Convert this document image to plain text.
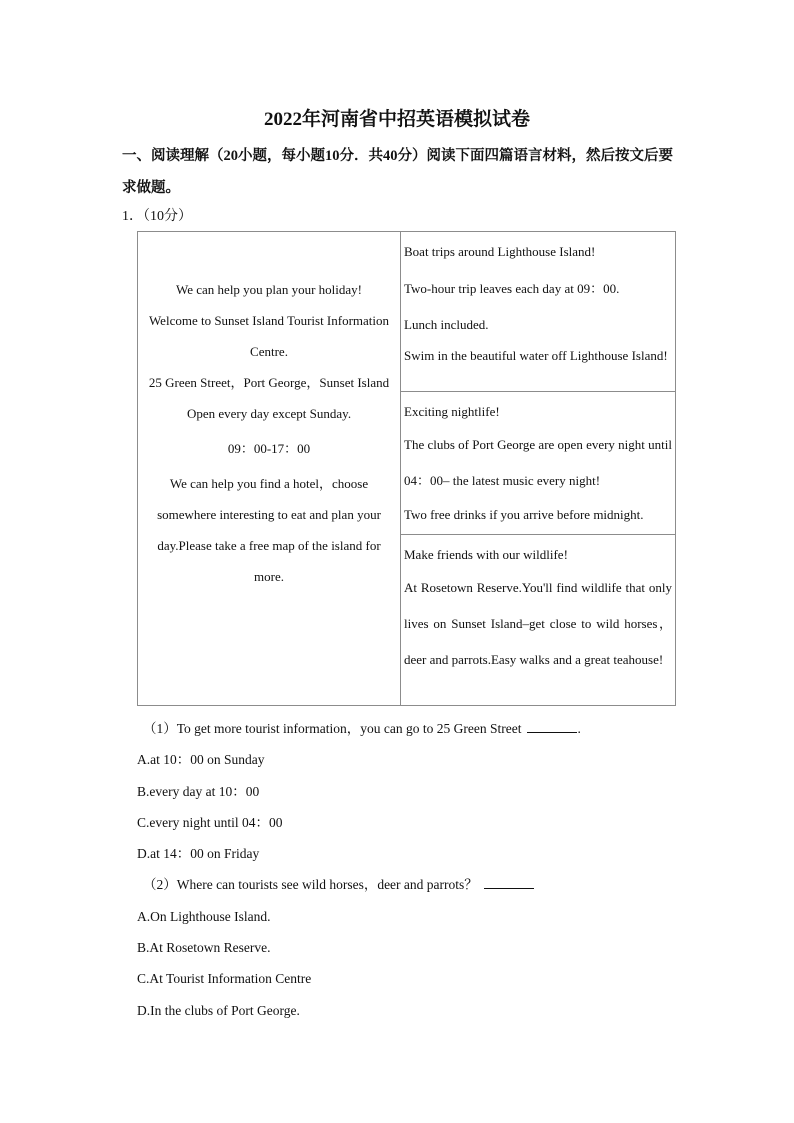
2022年河南省中招英语模拟试卷
一、阅读理解（20小题，每小题10分．共40分）阅读下面四篇语言材料，然后按文后要求做题。
1．（10分）
We can help you plan your holiday!
Welcome to Sunset Island Tourist Information
Centre.
25 Green Street，Port George，Sunset Island
Open every day except Sunday.
09：00-17：00
We can help you find a hotel，choose
somewhere interesting to eat and plan your
day.Please take a free map of the island for
more.

Boat trips around Lighthouse Island!
Two-hour trip leaves each day at 09：00.
Lunch included.
Swim in the beautiful water off Lighthouse Island!

Exciting nightlife!
The clubs of Port George are open every night until 04：00– the latest music every night!
Two free drinks if you arrive before midnight.

Make friends with our wildlife!
At Rosetown Reserve.You'll find wildlife that only lives on Sunset Island–get close to wild horses， deer and parrots.Easy walks and a great teahouse!
（1）To get more tourist information，you can go to 25 Green Street	.
A.at 10：00 on Sunday
B.every day at 10：00
C.every night until 04：00
D.at 14：00 on Friday
（2）Where can tourists see wild horses，deer and parrots？
A.On Lighthouse Island.
B.At Rosetown Reserve.
C.At Tourist Information Centre
D.In the clubs of Port George.
